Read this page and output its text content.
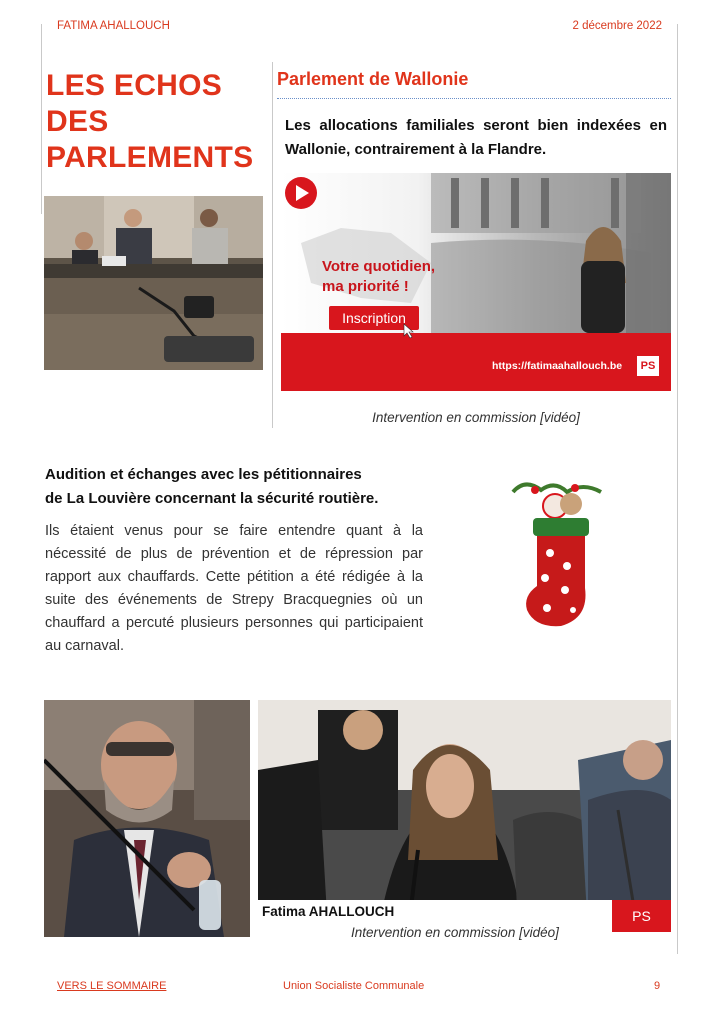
FATIMA AHALLOUCH	2 décembre 2022
LES ECHOS
DES
PARLEMENTS
Parlement de Wallonie
Les allocations familiales seront bien indexées en Wallonie, contrairement à la Flandre.
Votre quotidien,
ma priorité !
Inscription
https://fatimaahallouch.be	PS
Intervention en commission [vidéo]
Audition et échanges avec les pétitionnaires
de La Louvière concernant la sécurité routière.
Ils étaient venus pour se faire entendre quant à la nécessité de plus de prévention et de répression par rapport aux chauffards. Cette pétition a été rédigée à la suite des événements de Strepy Bracquegnies où un chauffard a percuté plusieurs personnes qui participaient au carnaval.
Fatima AHALLOUCH	PS
Intervention en commission [vidéo]
VERS LE SOMMAIRE	Union Socialiste Communale	9
